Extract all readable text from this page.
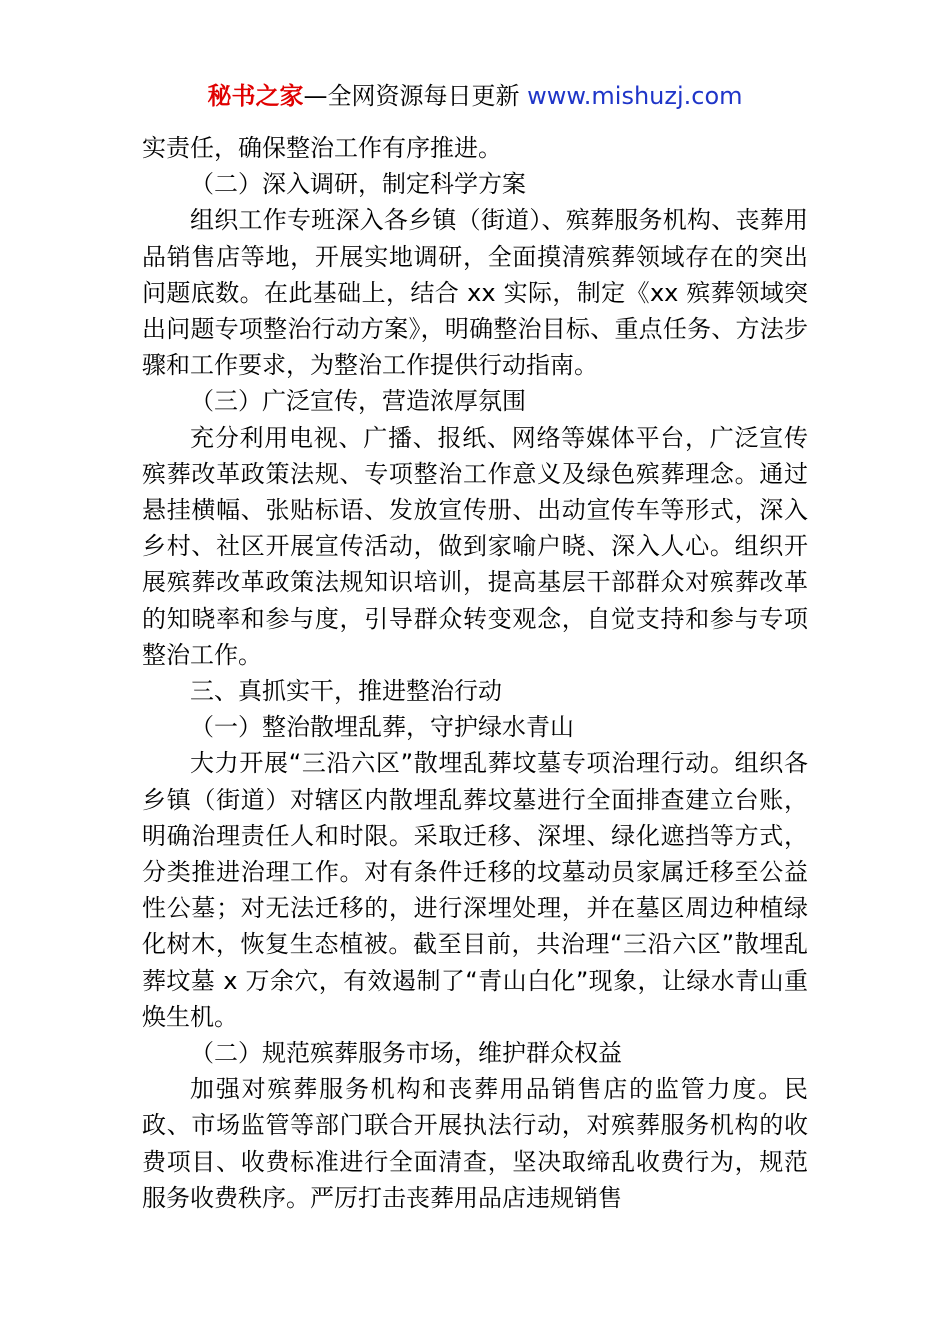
秘书之家—全网资源每日更新 www.mishuzj.com

实责任，确保整治工作有序推进。

（二）深入调研，制定科学方案

组织工作专班深入各乡镇（街道）、殡葬服务机构、丧葬用品销售店等地，开展实地调研，全面摸清殡葬领域存在的突出问题底数。在此基础上，结合 xx 实际，制定《xx 殡葬领域突出问题专项整治行动方案》，明确整治目标、重点任务、方法步骤和工作要求，为整治工作提供行动指南。

（三）广泛宣传，营造浓厚氛围

充分利用电视、广播、报纸、网络等媒体平台，广泛宣传殡葬改革政策法规、专项整治工作意义及绿色殡葬理念。通过悬挂横幅、张贴标语、发放宣传册、出动宣传车等形式，深入乡村、社区开展宣传活动，做到家喻户晓、深入人心。组织开展殡葬改革政策法规知识培训，提高基层干部群众对殡葬改革的知晓率和参与度，引导群众转变观念，自觉支持和参与专项整治工作。

三、真抓实干，推进整治行动

（一）整治散埋乱葬，守护绿水青山

大力开展“三沿六区”散埋乱葬坟墓专项治理行动。组织各乡镇（街道）对辖区内散埋乱葬坟墓进行全面排查建立台账，明确治理责任人和时限。采取迁移、深埋、绿化遮挡等方式，分类推进治理工作。对有条件迁移的坟墓动员家属迁移至公益性公墓；对无法迁移的，进行深埋处理，并在墓区周边种植绿化树木，恢复生态植被。截至目前，共治理“三沿六区”散埋乱葬坟墓 x 万余穴，有效遏制了“青山白化”现象，让绿水青山重焕生机。

（二）规范殡葬服务市场，维护群众权益

加强对殡葬服务机构和丧葬用品销售店的监管力度。民政、市场监管等部门联合开展执法行动，对殡葬服务机构的收费项目、收费标准进行全面清查，坚决取缔乱收费行为，规范服务收费秩序。严厉打击丧葬用品店违规销售
